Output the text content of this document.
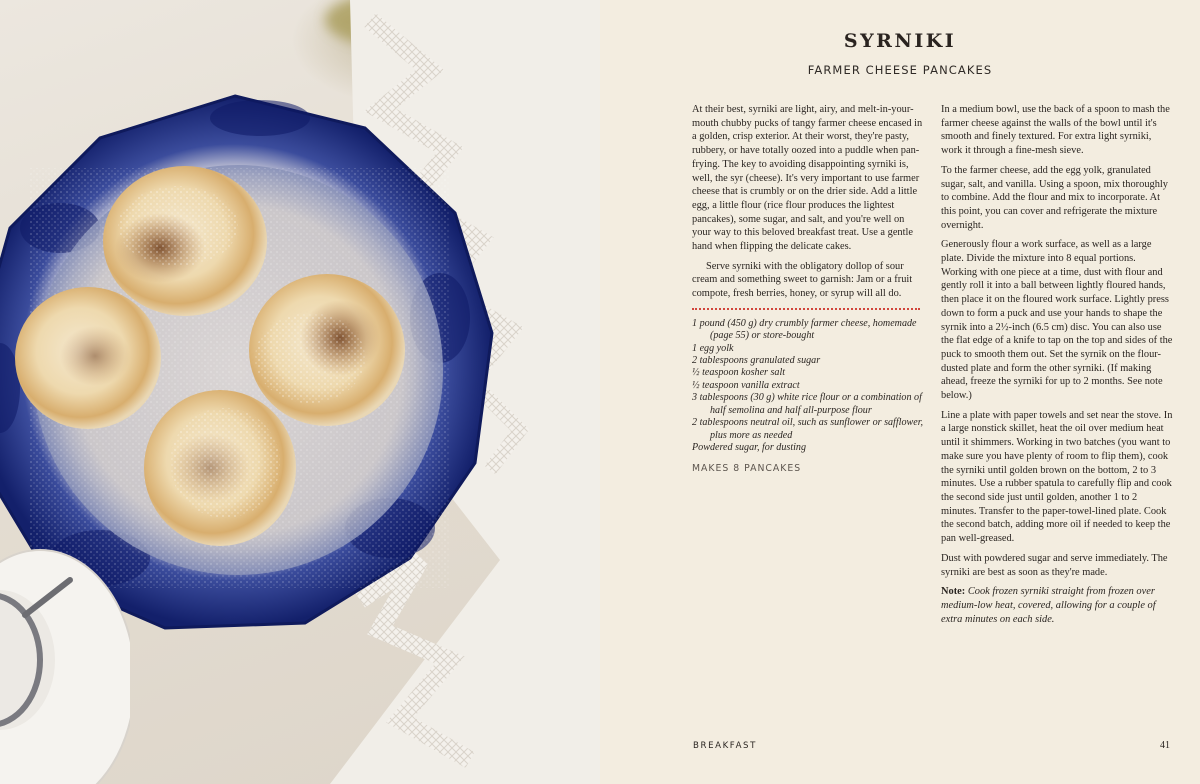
SYRNIKI
FARMER CHEESE PANCAKES

At their best, syrniki are light, airy, and melt-in-your-mouth chubby pucks of tangy farmer cheese encased in a golden, crisp exterior. At their worst, they're pasty, rubbery, or have totally oozed into a puddle when pan-frying. The key to avoiding disappointing syrniki is, well, the syr (cheese). It's very important to use farmer cheese that is crumbly or on the drier side. Add a little egg, a little flour (rice flour produces the lightest pancakes), some sugar, and salt, and you're well on your way to this beloved breakfast treat. Use a gentle hand when flipping the delicate cakes.

Serve syrniki with the obligatory dollop of sour cream and something sweet to garnish: Jam or a fruit compote, fresh berries, honey, or syrup will all do.

1 pound (450 g) dry crumbly farmer cheese, homemade (page 55) or store-bought
1 egg yolk
2 tablespoons granulated sugar
½ teaspoon kosher salt
½ teaspoon vanilla extract
3 tablespoons (30 g) white rice flour or a combination of half semolina and half all-purpose flour
2 tablespoons neutral oil, such as sunflower or safflower, plus more as needed
Powdered sugar, for dusting
MAKES 8 PANCAKES

In a medium bowl, use the back of a spoon to mash the farmer cheese against the walls of the bowl until it's smooth and finely textured. For extra light syrniki, work it through a fine-mesh sieve.

To the farmer cheese, add the egg yolk, granulated sugar, salt, and vanilla. Using a spoon, mix thoroughly to combine. Add the flour and mix to incorporate. At this point, you can cover and refrigerate the mixture overnight.

Generously flour a work surface, as well as a large plate. Divide the mixture into 8 equal portions. Working with one piece at a time, dust with flour and gently roll it into a ball between lightly floured hands, then place it on the floured work surface. Lightly press down to form a puck and use your hands to shape the syrnik into a 2½-inch (6.5 cm) disc. You can also use the flat edge of a knife to tap on the top and sides of the puck to smooth them out. Set the syrnik on the flour-dusted plate and form the other syrniki. (If making ahead, freeze the syrniki for up to 2 months. See note below.)

Line a plate with paper towels and set near the stove. In a large nonstick skillet, heat the oil over medium heat until it shimmers. Working in two batches (you want to make sure you have plenty of room to flip them), cook the syrniki until golden brown on the bottom, 2 to 3 minutes. Use a rubber spatula to carefully flip and cook the second side just until golden, another 1 to 2 minutes. Transfer to the paper-towel-lined plate. Cook the second batch, adding more oil if needed to keep the pan well-greased.

Dust with powdered sugar and serve immediately. The syrniki are best as soon as they're made.

Note: Cook frozen syrniki straight from frozen over medium-low heat, covered, allowing for a couple of extra minutes on each side.

BREAKFAST	41
